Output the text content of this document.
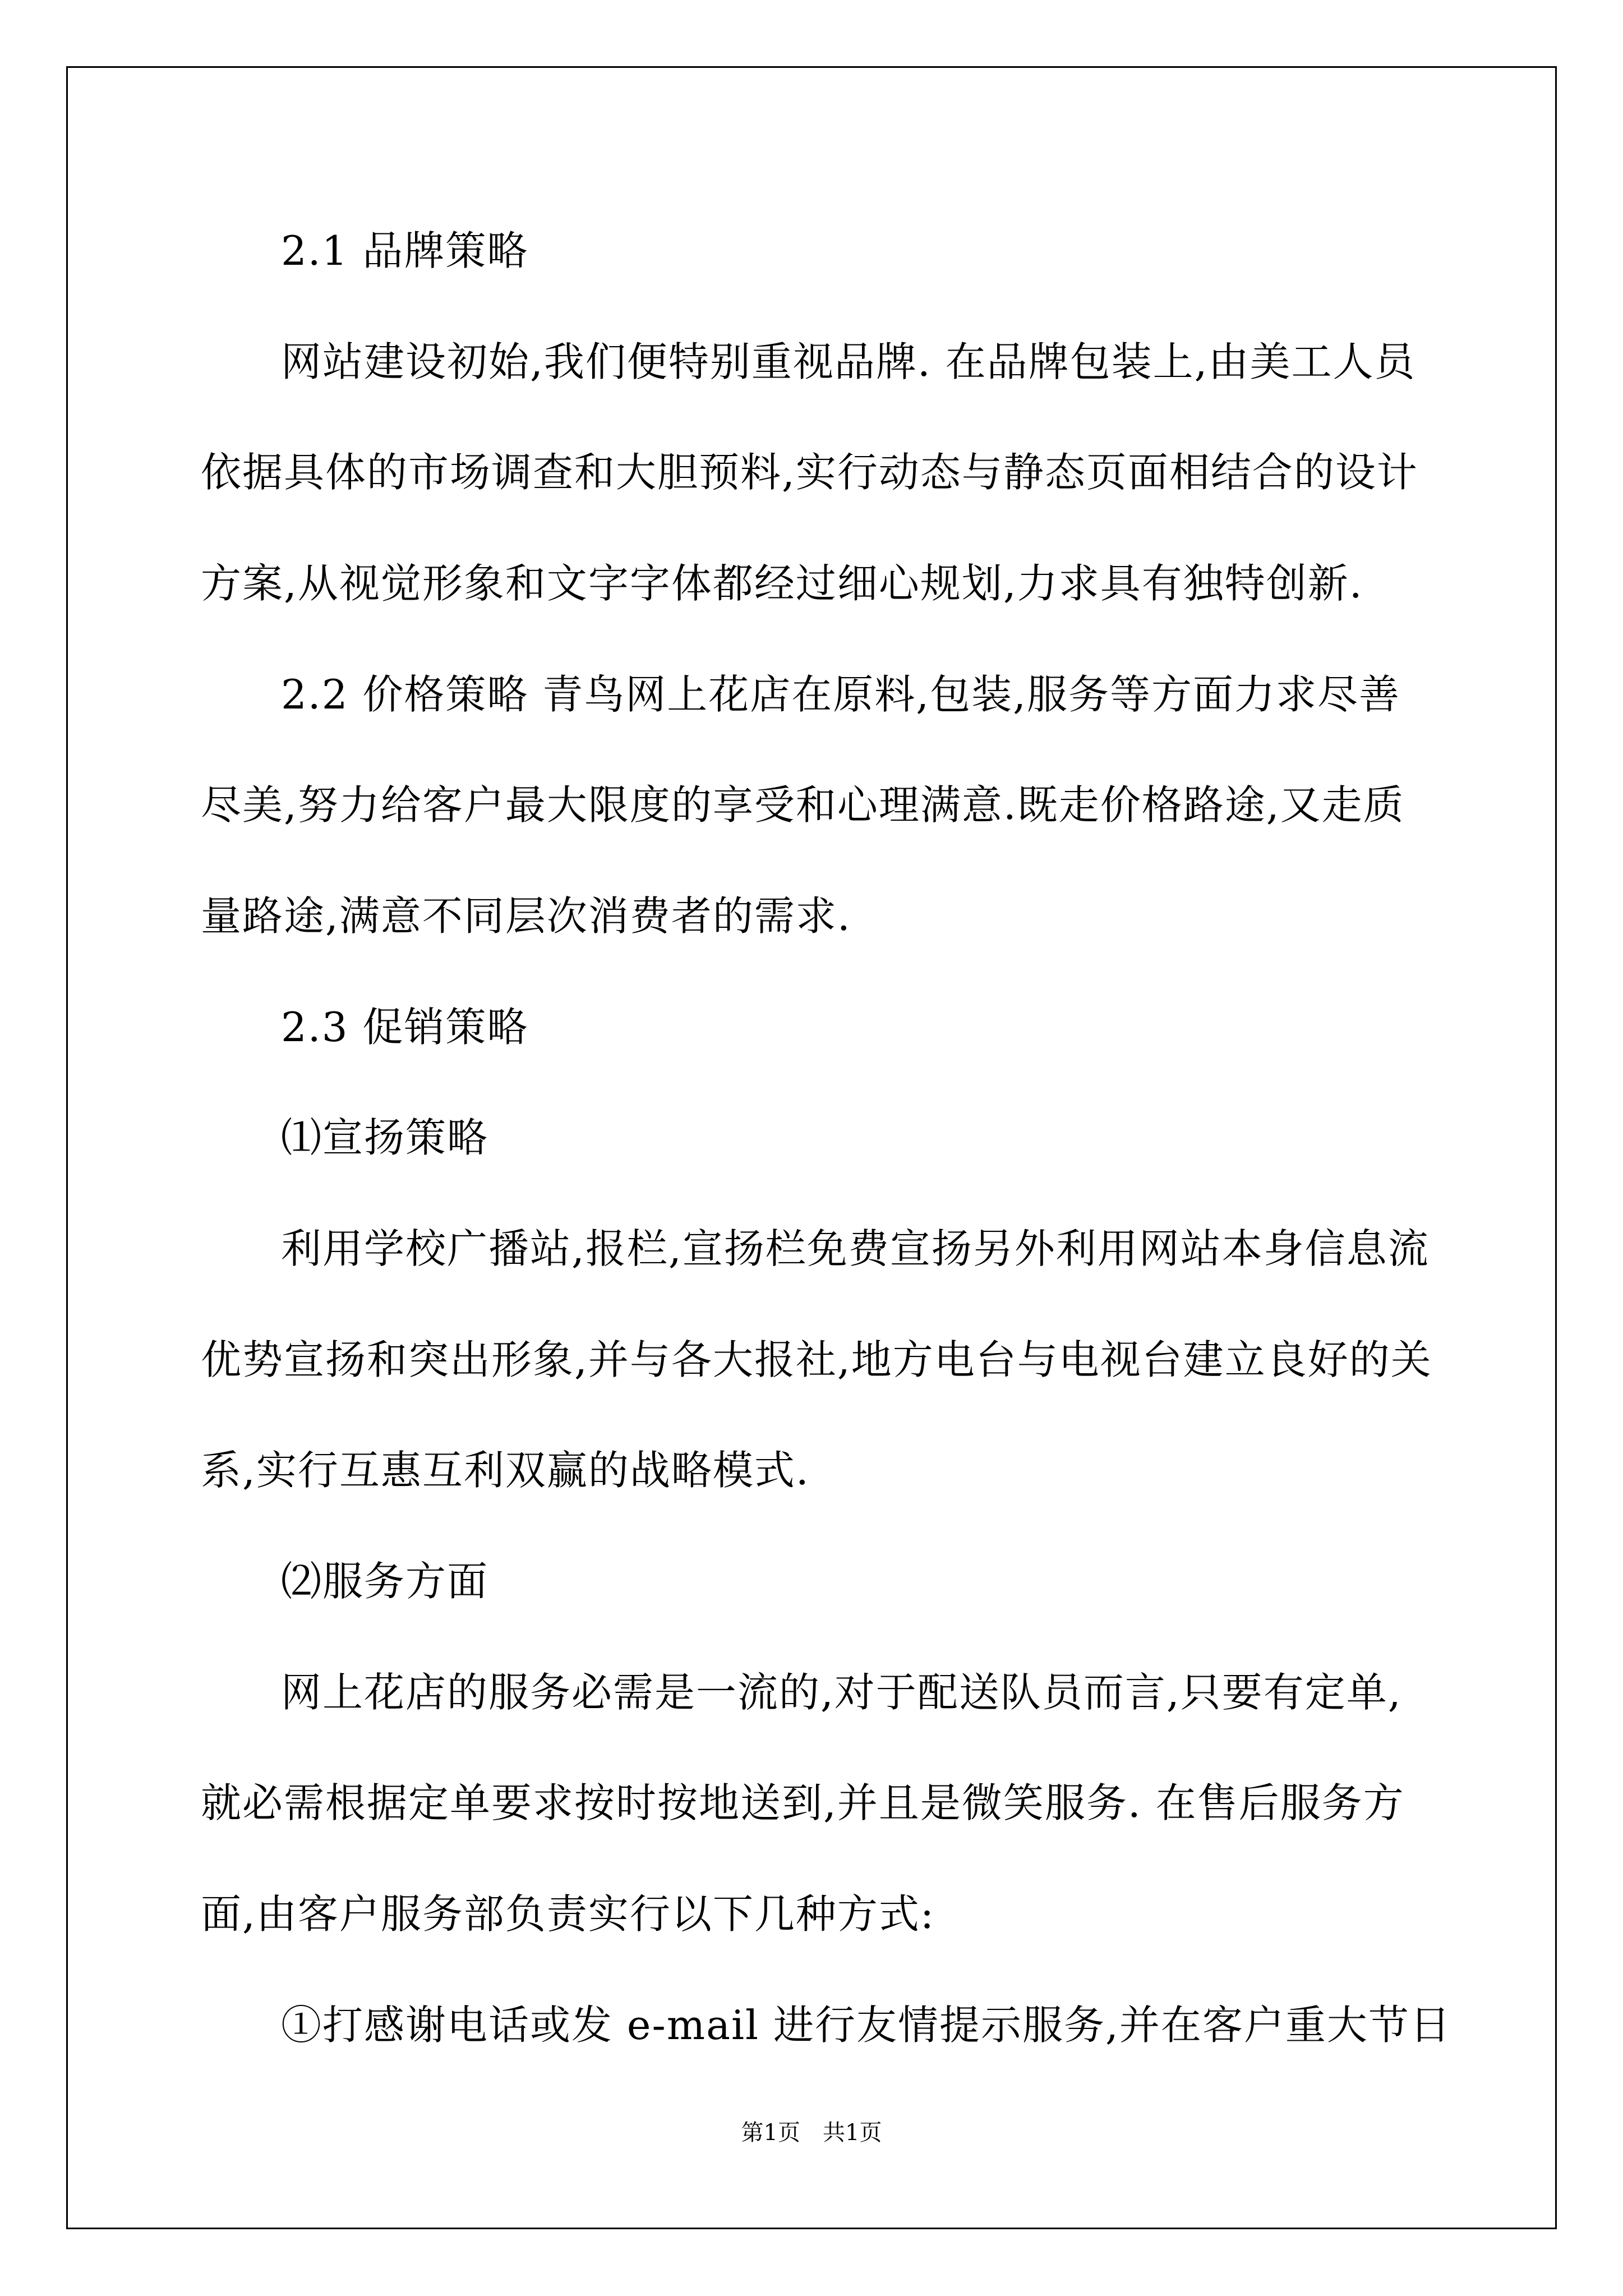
2.1 品牌策略
网站建设初始,我们便特别重视品牌. 在品牌包装上,由美工人员
依据具体的市场调查和大胆预料,实行动态与静态页面相结合的设计
方案,从视觉形象和文字字体都经过细心规划,力求具有独特创新.
2.2 价格策略 青鸟网上花店在原料,包装,服务等方面力求尽善
尽美,努力给客户最大限度的享受和心理满意.既走价格路途,又走质
量路途,满意不同层次消费者的需求.
2.3 促销策略
⑴宣扬策略
利用学校广播站,报栏,宣扬栏免费宣扬另外利用网站本身信息流
优势宣扬和突出形象,并与各大报社,地方电台与电视台建立良好的关
系,实行互惠互利双赢的战略模式.
⑵服务方面
网上花店的服务必需是一流的,对于配送队员而言,只要有定单,
就必需根据定单要求按时按地送到,并且是微笑服务. 在售后服务方
面,由客户服务部负责实行以下几种方式:
①打感谢电话或发 e-mail 进行友情提示服务,并在客户重大节日
第1页　共1页
